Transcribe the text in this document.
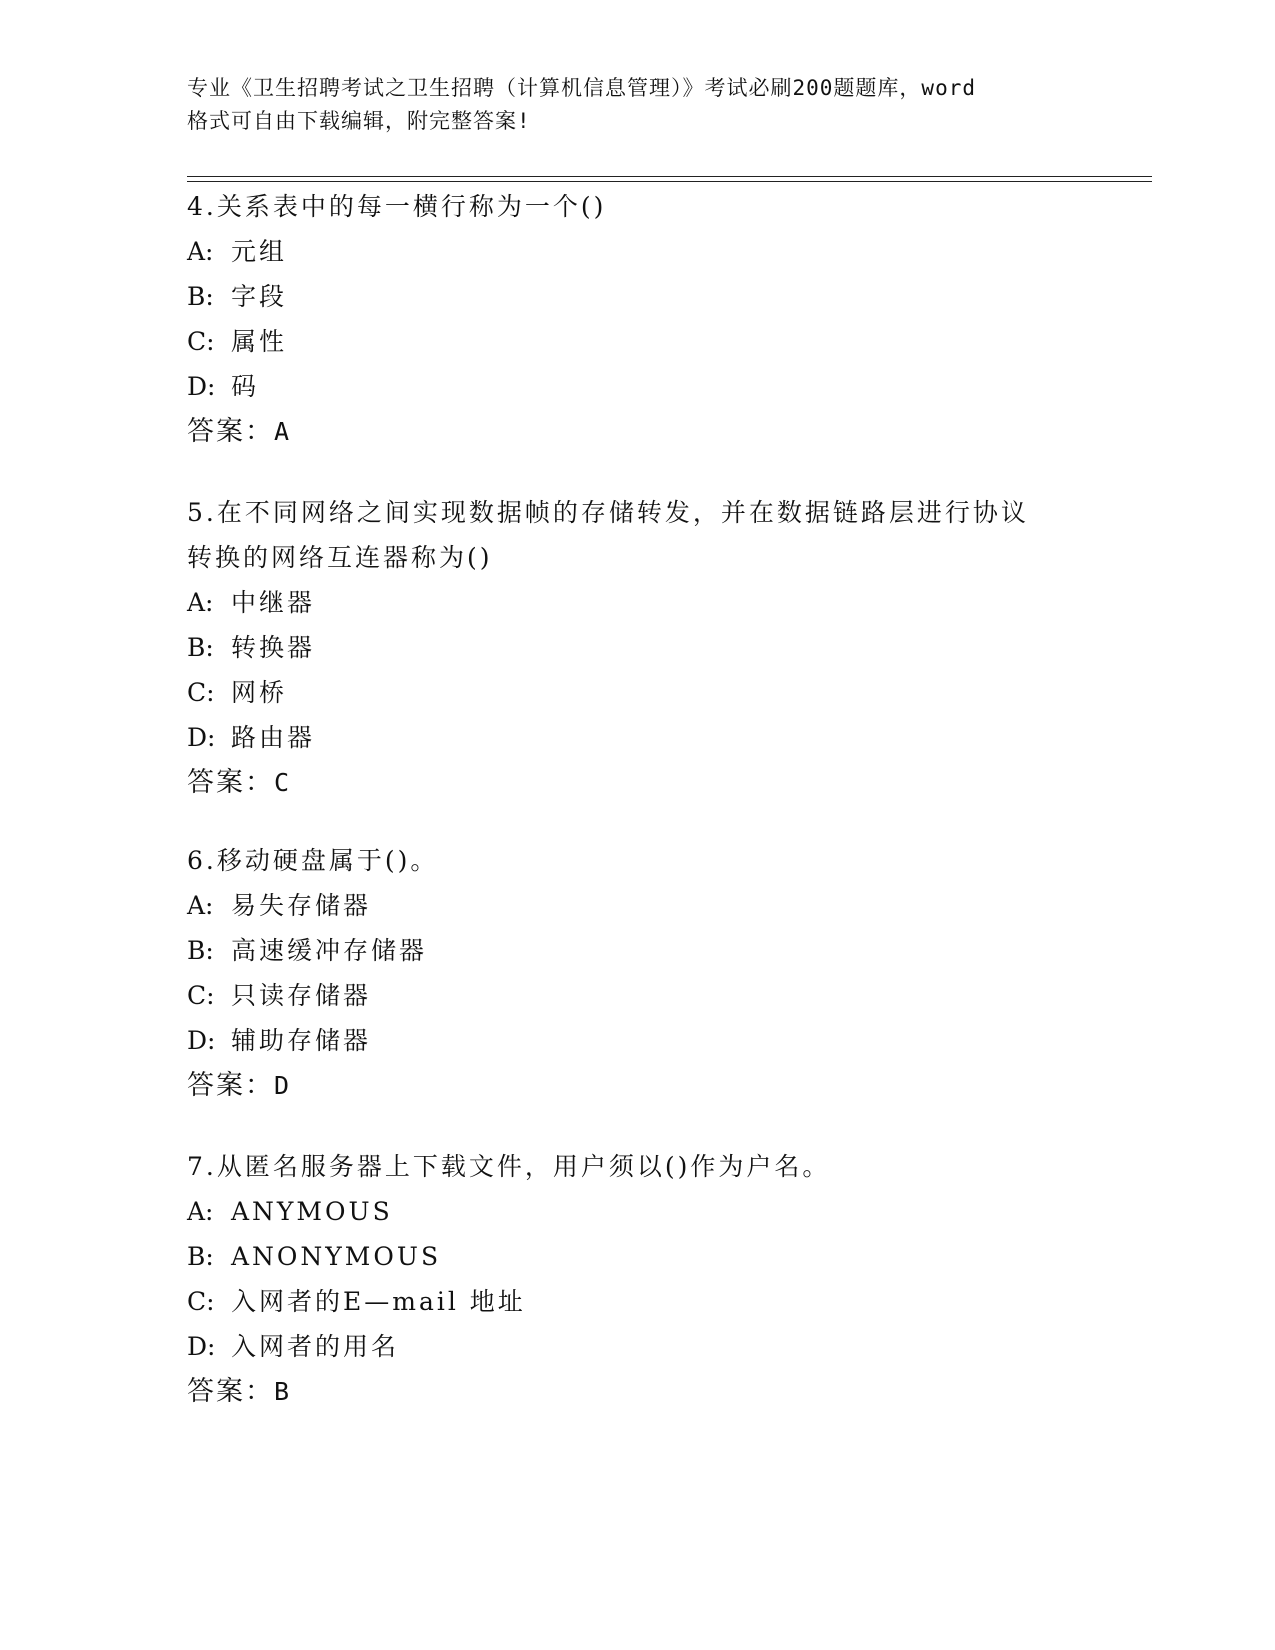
专业《卫生招聘考试之卫生招聘（计算机信息管理）》考试必刷200题题库，word
格式可自由下载编辑，附完整答案!
4.关系表中的每一横行称为一个()
A: 元组
B: 字段
C: 属性
D: 码
答案：A
5.在不同网络之间实现数据帧的存储转发，并在数据链路层进行协议
转换的网络互连器称为()
A: 中继器
B: 转换器
C: 网桥
D: 路由器
答案：C
6.移动硬盘属于()。
A: 易失存储器
B: 高速缓冲存储器
C: 只读存储器
D: 辅助存储器
答案：D
7.从匿名服务器上下载文件，用户须以()作为户名。
A: ANYMOUS
B: ANONYMOUS
C: 入网者的E—mail 地址
D: 入网者的用名
答案：B
